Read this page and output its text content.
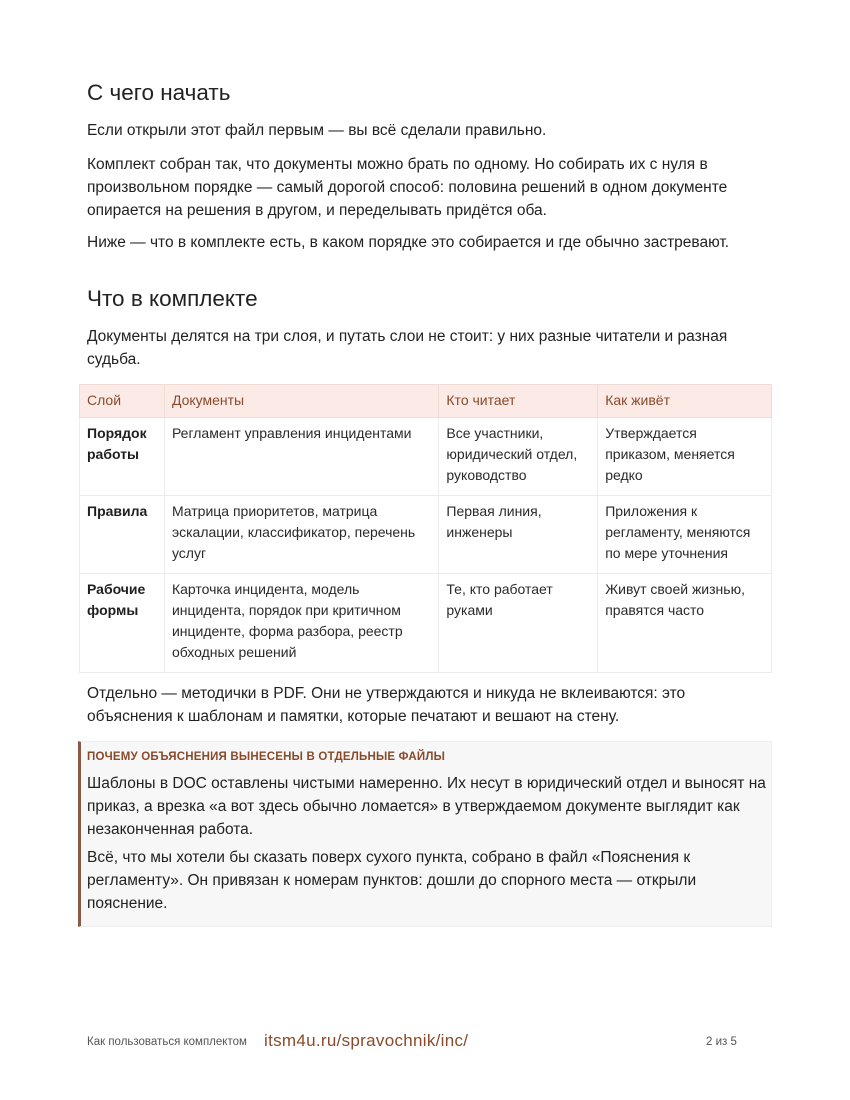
С чего начать

Если открыли этот файл первым — вы всё сделали правильно.

Комплект собран так, что документы можно брать по одному. Но собирать их с нуля в произвольном порядке — самый дорогой способ: половина решений в одном документе опирается на решения в другом, и переделывать придётся оба.

Ниже — что в комплекте есть, в каком порядке это собирается и где обычно застревают.

Что в комплекте

Документы делятся на три слоя, и путать слои не стоит: у них разные читатели и разная судьба.

Слой	Документы	Кто читает	Как живёт
Порядок работы	Регламент управления инцидентами	Все участники, юридический отдел, руководство	Утверждается приказом, меняется редко
Правила	Матрица приоритетов, матрица эскалации, классификатор, перечень услуг	Первая линия, инженеры	Приложения к регламенту, меняются по мере уточнения
Рабочие формы	Карточка инцидента, модель инцидента, порядок при критичном инциденте, форма разбора, реестр обходных решений	Те, кто работает руками	Живут своей жизнью, правятся часто

Отдельно — методички в PDF. Они не утверждаются и никуда не вклеиваются: это объяснения к шаблонам и памятки, которые печатают и вешают на стену.

ПОЧЕМУ ОБЪЯСНЕНИЯ ВЫНЕСЕНЫ В ОТДЕЛЬНЫЕ ФАЙЛЫ

Шаблоны в DOC оставлены чистыми намеренно. Их несут в юридический отдел и выносят на приказ, а врезка «а вот здесь обычно ломается» в утверждаемом документе выглядит как незаконченная работа.

Всё, что мы хотели бы сказать поверх сухого пункта, собрано в файл «Пояснения к регламенту». Он привязан к номерам пунктов: дошли до спорного места — открыли пояснение.

Как пользоваться комплектом itsm4u.ru/spravochnik/inc/	2 из 5
